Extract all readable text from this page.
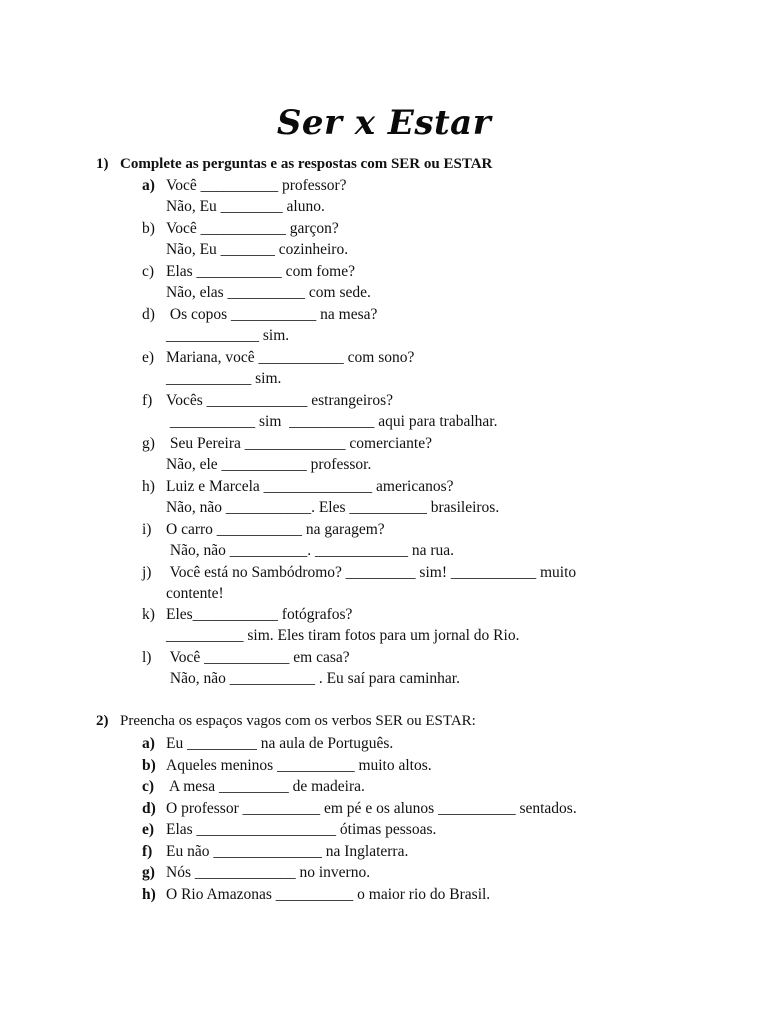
Ser x Estar
1) Complete as perguntas e as respostas com SER ou ESTAR
a) Você __________ professor?
Não, Eu ________ aluno.
b) Você ___________ garçon?
Não, Eu _______ cozinheiro.
c) Elas ___________ com fome?
Não, elas __________ com sede.
d) Os copos ___________ na mesa?
____________ sim.
e) Mariana, você ___________ com sono?
___________ sim.
f) Vocês _____________ estrangeiros?
___________ sim  ___________ aqui para trabalhar.
g) Seu Pereira _____________ comerciante?
Não, ele ___________ professor.
h) Luiz e Marcela ______________ americanos?
Não, não ___________. Eles __________ brasileiros.
i) O carro ___________ na garagem?
Não, não __________. ____________ na rua.
j) Você está no Sambódromo? _________ sim! ___________ muito
contente!
k) Eles___________ fotógrafos?
__________ sim. Eles tiram fotos para um jornal do Rio.
l) Você ___________ em casa?
Não, não ___________ . Eu saí para caminhar.
2) Preencha os espaços vagos com os verbos SER ou ESTAR:
a) Eu _________ na aula de Português.
b) Aqueles meninos __________ muito altos.
c) A mesa _________ de madeira.
d) O professor __________ em pé e os alunos __________ sentados.
e) Elas __________________ ótimas pessoas.
f) Eu não ______________ na Inglaterra.
g) Nós _____________ no inverno.
h) O Rio Amazonas __________ o maior rio do Brasil.
